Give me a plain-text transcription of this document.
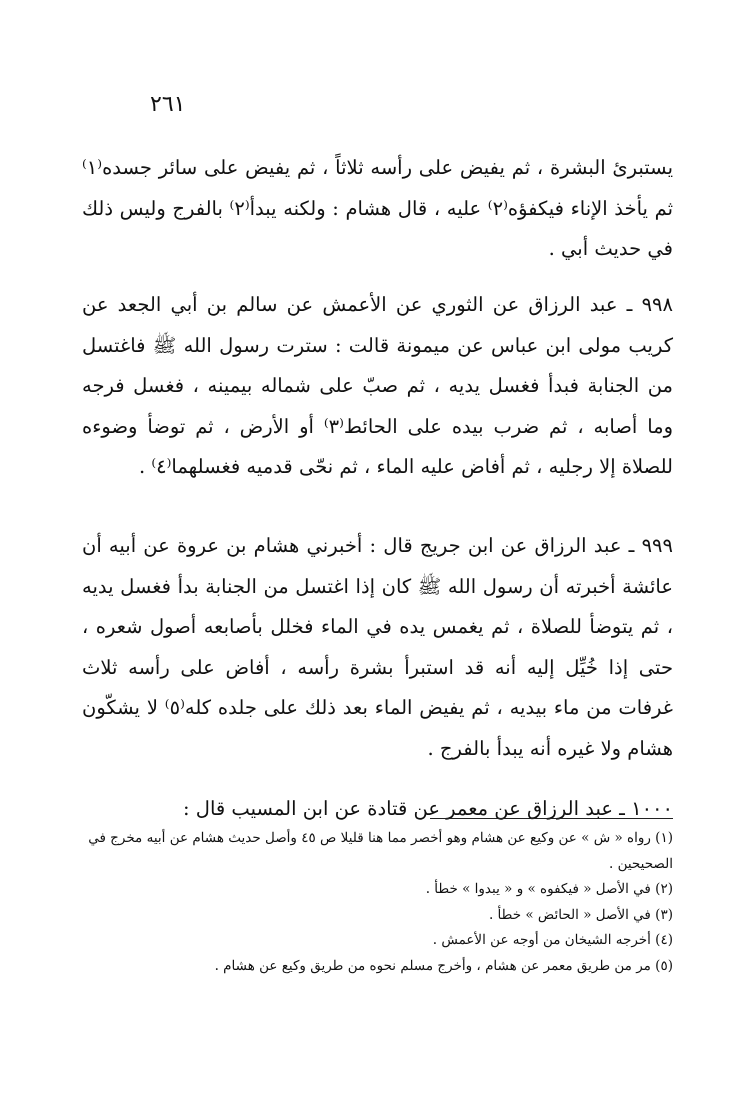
٢٦١
يستبرئ البشرة ، ثم يفيض على رأسه ثلاثاً ، ثم يفيض على سائر جسده⁽١⁾ ثم يأخذ الإناء فيكفؤه⁽٢⁾ عليه ، قال هشام : ولكنه يبدأ⁽٢⁾ بالفرج وليس ذلك في حديث أبي .
٩٩٨ ـ عبد الرزاق عن الثوري عن الأعمش عن سالم بن أبي الجعد عن كريب مولى ابن عباس عن ميمونة قالت : سترت رسول الله ﷺ فاغتسل من الجنابة فبدأ فغسل يديه ، ثم صبّ على شماله بيمينه ، فغسل فرجه وما أصابه ، ثم ضرب بيده على الحائط⁽٣⁾ أو الأرض ، ثم توضأ وضوءه للصلاة إلا رجليه ، ثم أفاض عليه الماء ، ثم نحّى قدميه فغسلهما⁽٤⁾ .
٩٩٩ ـ عبد الرزاق عن ابن جريج قال : أخبرني هشام بن عروة عن أبيه أن عائشة أخبرته أن رسول الله ﷺ كان إذا اغتسل من الجنابة بدأ فغسل يديه ، ثم يتوضأ للصلاة ، ثم يغمس يده في الماء فخلل بأصابعه أصول شعره ، حتى إذا خُيِّل إليه أنه قد استبرأ بشرة رأسه ، أفاض على رأسه ثلاث غرفات من ماء بيديه ، ثم يفيض الماء بعد ذلك على جلده كله⁽٥⁾ لا يشكّون هشام ولا غيره أنه يبدأ بالفرج .
١٠٠٠ ـ عبد الرزاق عن معمر عن قتادة عن ابن المسيب قال :
(١) رواه « ش » عن وكيع عن هشام وهو أخصر مما هنا قليلا ص ٤٥ وأصل حديث هشام عن أبيه مخرج في الصحيحين .
(٢) في الأصل « فيكفوه » و « يبدوا » خطأ .
(٣) في الأصل « الحائض » خطأ .
(٤) أخرجه الشيخان من أوجه عن الأعمش .
(٥) مر من طريق معمر عن هشام ، وأخرج مسلم نحوه من طريق وكيع عن هشام .
